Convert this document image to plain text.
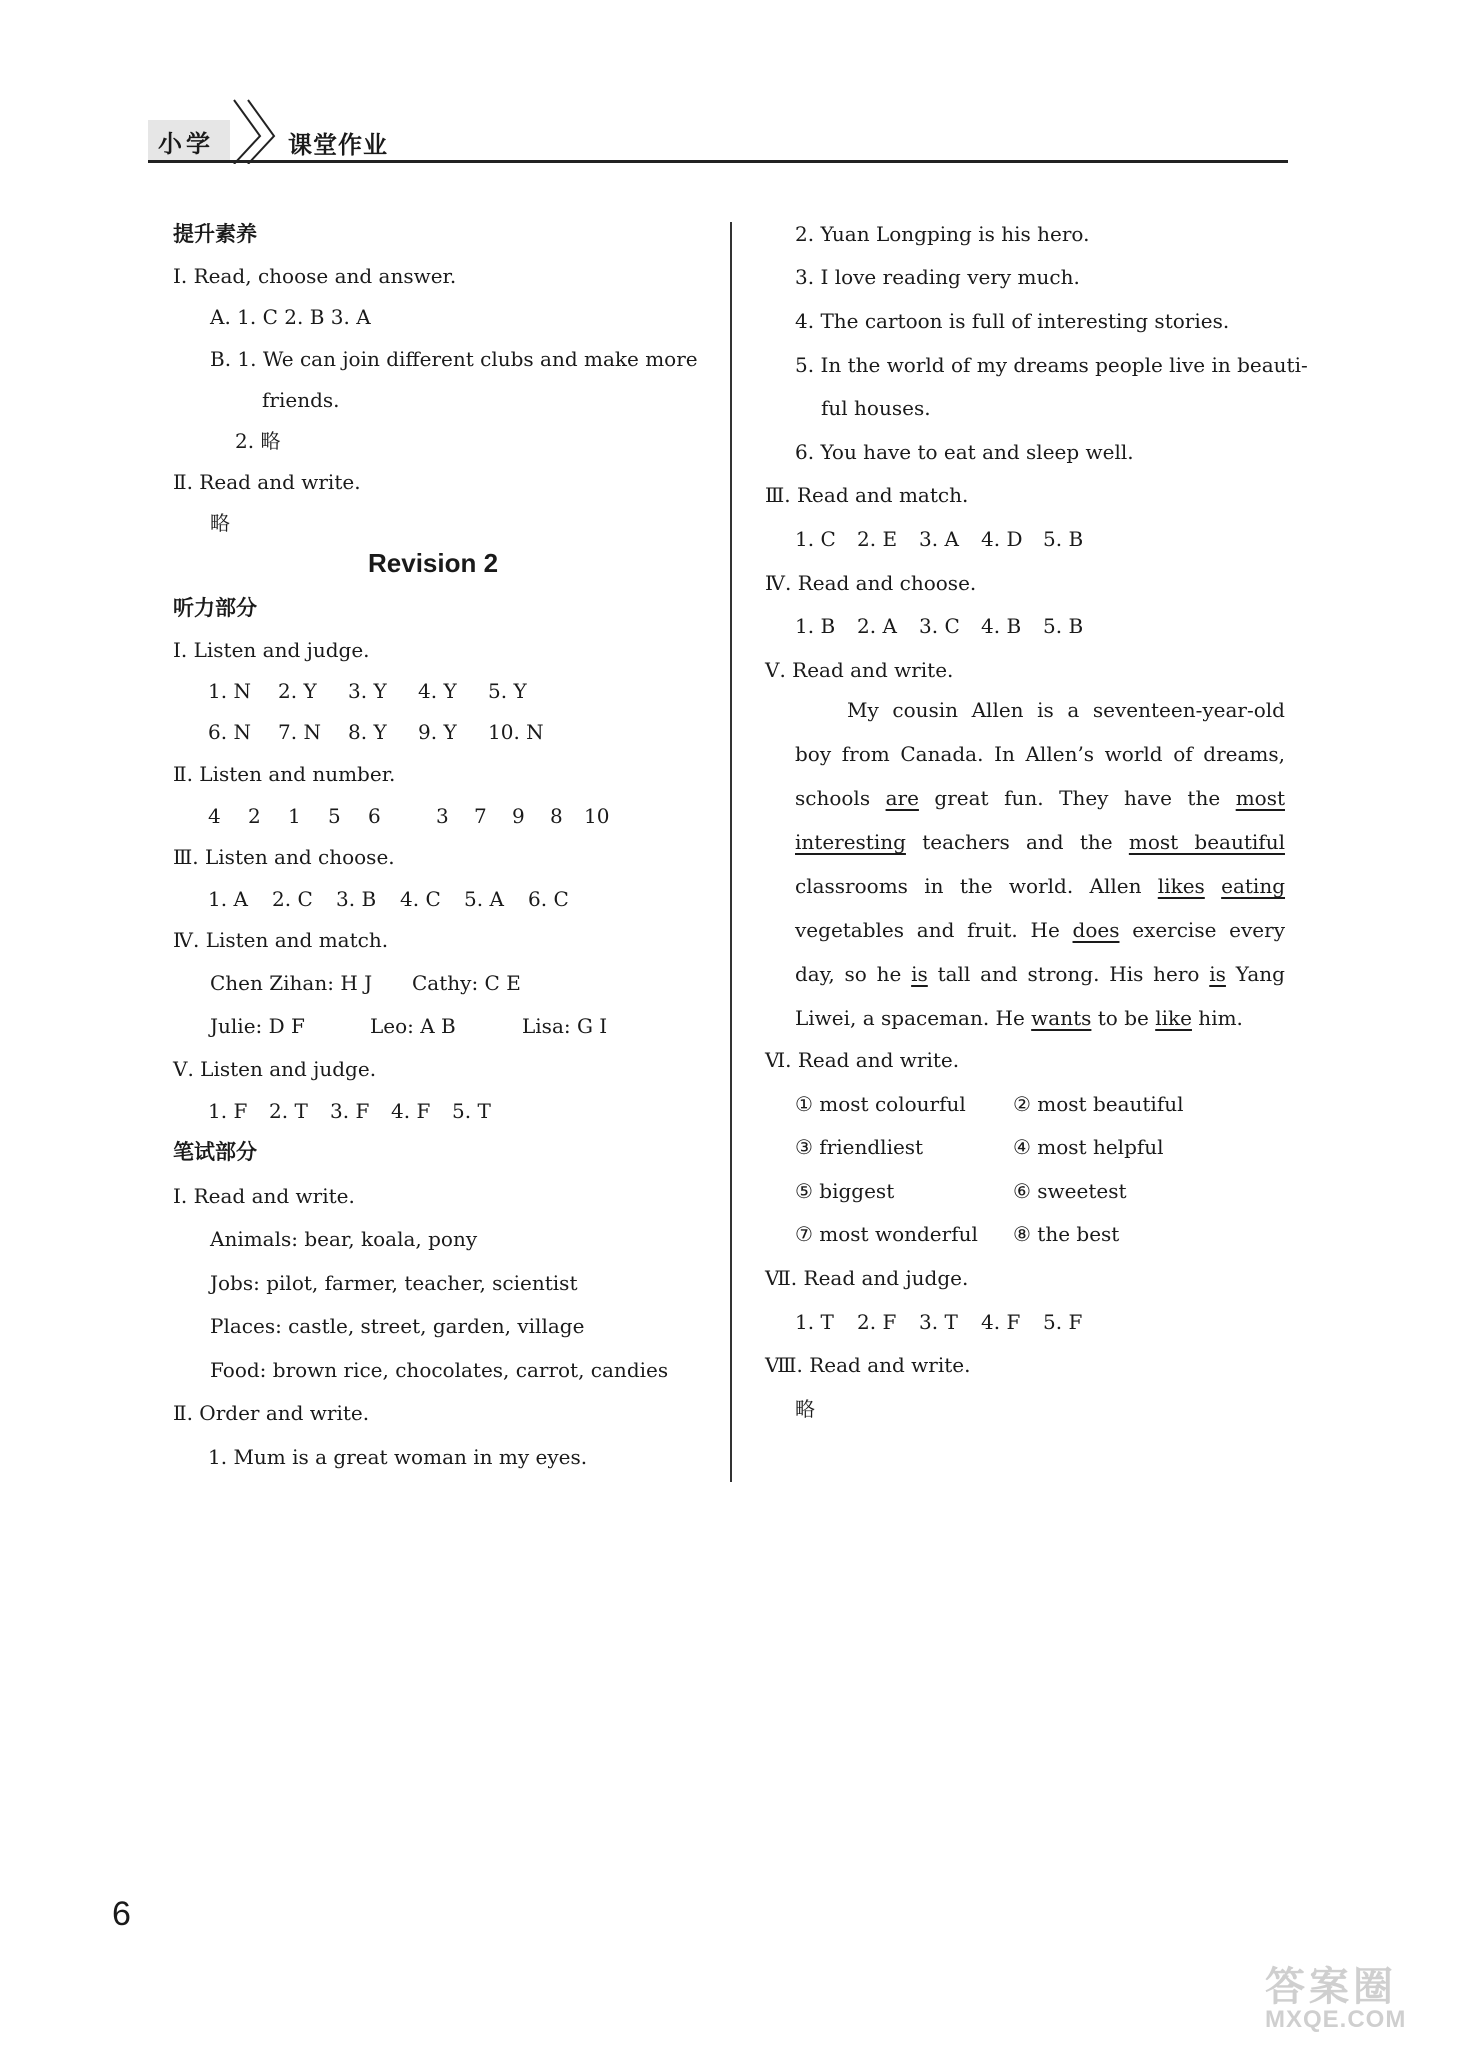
小学	课堂作业
提升素养
Ⅰ. Read, choose and answer.
A. 1. C 2. B 3. A
B. 1. We can join different clubs and make more
friends.
2. 略
Ⅱ. Read and write.
略
Revision 2
听力部分
Ⅰ. Listen and judge.
1. N 2. Y 3. Y 4. Y 5. Y
6. N 7. N 8. Y 9. Y 10. N
Ⅱ. Listen and number.
4 2 1 5 6	3 7 9 8 10
Ⅲ. Listen and choose.
1. A 2. C 3. B 4. C 5. A 6. C
Ⅳ. Listen and match.
Chen Zihan: H J Cathy: C E
Julie: D F	Leo: A B	Lisa: G I
Ⅴ. Listen and judge.
1. F 2. T 3. F 4. F 5. T
笔试部分
Ⅰ. Read and write.
Animals: bear, koala, pony
Jobs: pilot, farmer, teacher, scientist
Places: castle, street, garden, village
Food: brown rice, chocolates, carrot, candies
Ⅱ. Order and write.
1. Mum is a great woman in my eyes.
2. Yuan Longping is his hero.
3. I love reading very much.
4. The cartoon is full of interesting stories.
5. In the world of my dreams people live in beauti-
ful houses.
6. You have to eat and sleep well.
Ⅲ. Read and match.
1. C 2. E 3. A 4. D 5. B
Ⅳ. Read and choose.
1. B 2. A 3. C 4. B 5. B
Ⅴ. Read and write.
My cousin Allen is a seventeen-year-old boy from Canada. In Allen’s world of dreams, schools are great fun. They have the most interesting teachers and the most beautiful classrooms in the world. Allen likes eating vegetables and fruit. He does exercise every day, so he is tall and strong. His hero is Yang Liwei, a spaceman. He wants to be like him.
Ⅵ. Read and write.
① most colourful ② most beautiful
③ friendliest	④ most helpful
⑤ biggest	⑥ sweetest
⑦ most wonderful ⑧ the best
Ⅶ. Read and judge.
1. T 2. F 3. T 4. F 5. F
Ⅷ. Read and write.
略
6
答案圈
MXQE.COM
